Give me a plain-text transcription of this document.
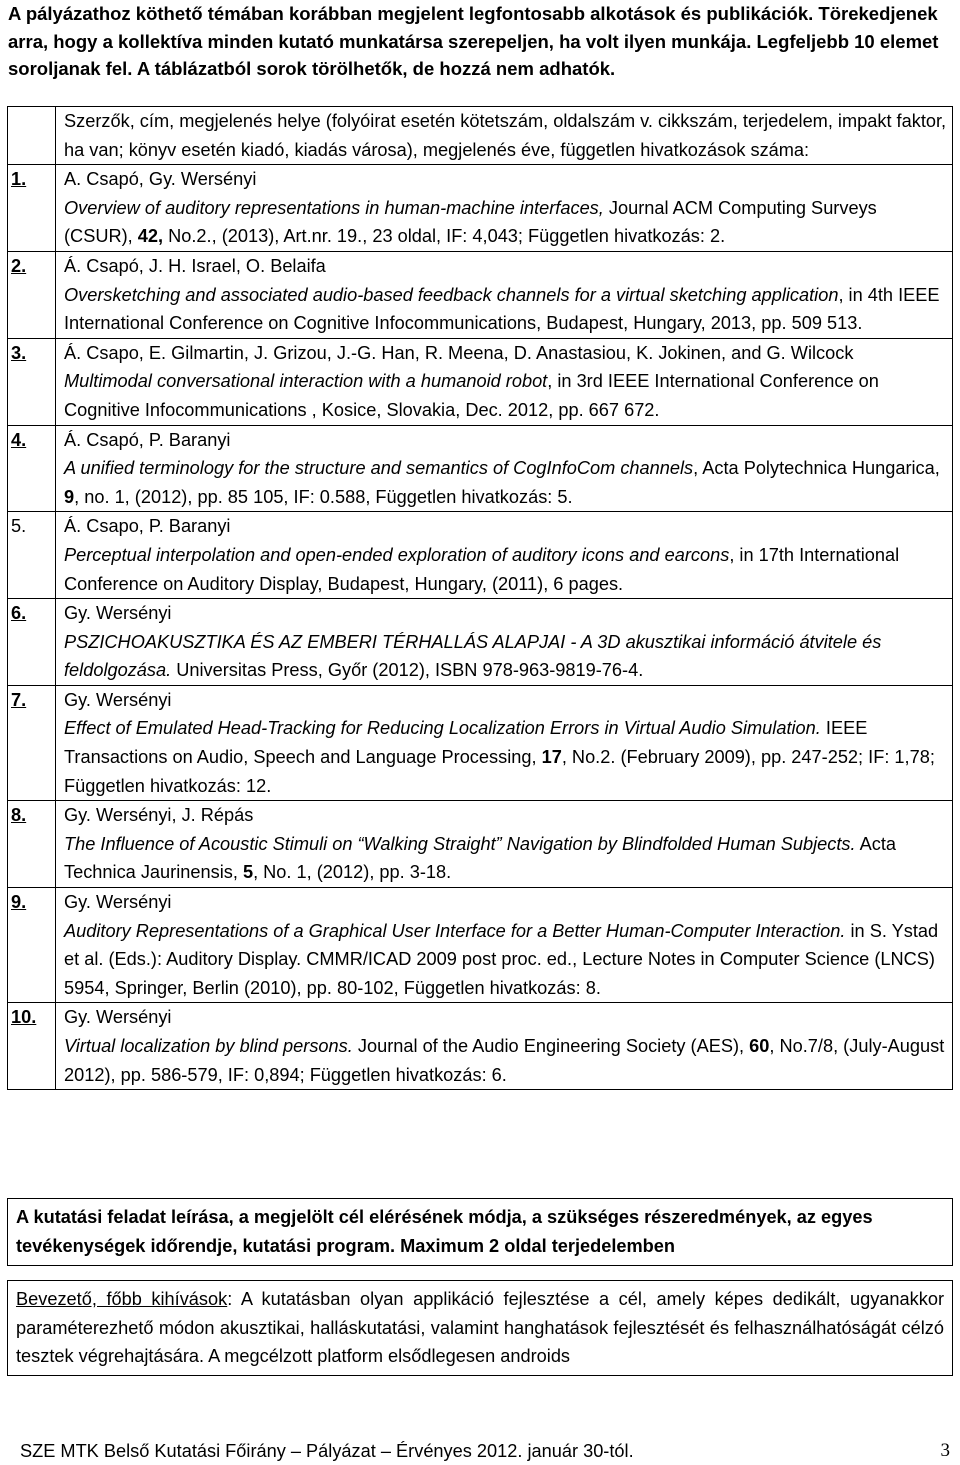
A pályázathoz köthető témában korábban megjelent legfontosabb alkotások és publikációk. Törekedjenek arra, hogy a kollektíva minden kutató munkatársa szerepeljen, ha volt ilyen munkája. Legfeljebb 10 elemet soroljanak fel. A táblázatból sorok törölhetők, de hozzá nem adhatók.
	Szerzők, cím, megjelenés helye (folyóirat esetén kötetszám, oldalszám v. cikkszám, terjedelem, impakt faktor, ha van; könyv esetén kiadó, kiadás városa), megjelenés éve, független hivatkozások száma:
1.	A. Csapó, Gy. Wersényi
Overview of auditory representations in human-machine interfaces, Journal ACM Computing Surveys (CSUR), 42, No.2., (2013), Art.nr. 19., 23 oldal, IF: 4,043; Független hivatkozás: 2.

2.	Á. Csapó, J. H. Israel, O. Belaifa
Oversketching and associated audio-based feedback channels for a virtual sketching application, in 4th IEEE International Conference on Cognitive Infocommunications, Budapest, Hungary, 2013, pp. 509 513.

3.	Á. Csapo, E. Gilmartin, J. Grizou, J.-G. Han, R. Meena, D. Anastasiou, K. Jokinen, and G. Wilcock
Multimodal conversational interaction with a humanoid robot, in 3rd IEEE International Conference on Cognitive Infocommunications , Kosice, Slovakia, Dec. 2012, pp. 667 672.

4.	Á. Csapó, P. Baranyi
A unified terminology for the structure and semantics of CogInfoCom channels, Acta Polytechnica Hungarica, 9, no. 1, (2012), pp. 85 105, IF: 0.588, Független hivatkozás: 5.

5.	Á. Csapo, P. Baranyi
Perceptual interpolation and open-ended exploration of auditory icons and earcons, in 17th International Conference on Auditory Display, Budapest, Hungary, (2011), 6 pages.

6.	Gy. Wersényi
PSZICHOAKUSZTIKA ÉS AZ EMBERI TÉRHALLÁS ALAPJAI - A 3D akusztikai információ átvitele és feldolgozása. Universitas Press, Győr (2012), ISBN 978-963-9819-76-4.

7.	Gy. Wersényi
Effect of Emulated Head-Tracking for Reducing Localization Errors in Virtual Audio Simulation. IEEE Transactions on Audio, Speech and Language Processing, 17, No.2. (February 2009), pp. 247-252; IF: 1,78; Független hivatkozás: 12.

8.	Gy. Wersényi, J. Répás
The Influence of Acoustic Stimuli on “Walking Straight” Navigation by Blindfolded Human Subjects. Acta Technica Jaurinensis, 5, No. 1, (2012), pp. 3-18.

9.	Gy. Wersényi
Auditory Representations of a Graphical User Interface for a Better Human-Computer Interaction. in S. Ystad et al. (Eds.): Auditory Display. CMMR/ICAD 2009 post proc. ed., Lecture Notes in Computer Science (LNCS) 5954, Springer, Berlin (2010), pp. 80-102, Független hivatkozás: 8.

10.	Gy. Wersényi
Virtual localization by blind persons. Journal of the Audio Engineering Society (AES), 60, No.7/8, (July-August 2012), pp. 586-579, IF: 0,894; Független hivatkozás: 6.
A kutatási feladat leírása, a megjelölt cél elérésének módja, a szükséges részeredmények, az egyes tevékenységek időrendje, kutatási program. Maximum 2 oldal terjedelemben
Bevezető, főbb kihívások: A kutatásban olyan applikáció fejlesztése a cél, amely képes dedikált, ugyanakkor paraméterezhető módon akusztikai, halláskutatási, valamint hanghatások fejlesztését és felhasználhatóságát célzó tesztek végrehajtására. A megcélzott platform elsődlegesen androids
SZE MTK Belső Kutatási Főirány – Pályázat – Érvényes 2012. január 30-tól.	3
